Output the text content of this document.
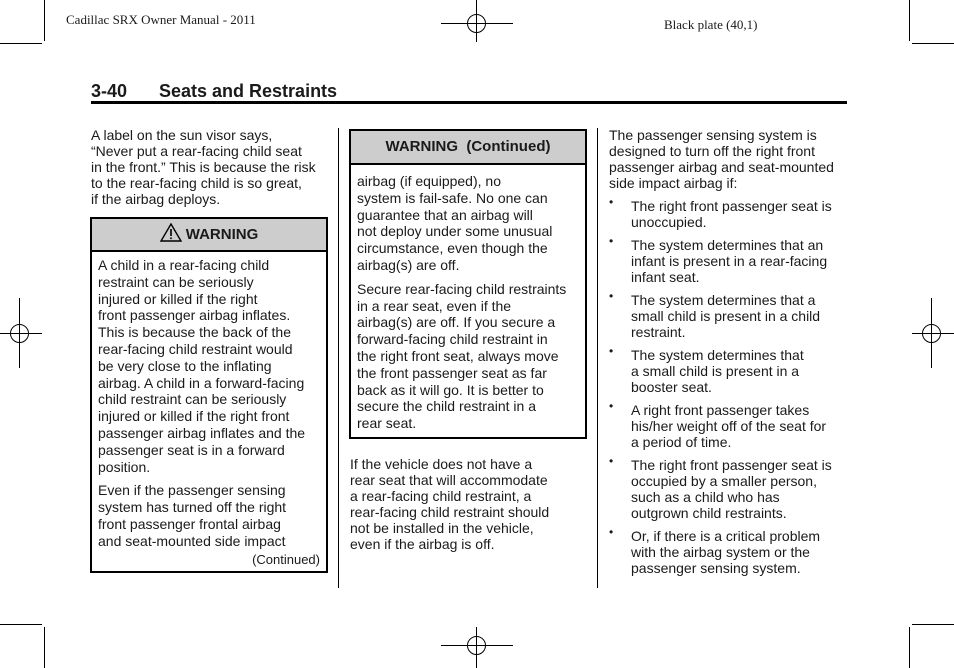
Cadillac SRX Owner Manual - 2011	Black plate (40,1)
3-40 Seats and Restraints
A label on the sun visor says,
“Never put a rear-facing child seat
in the front.” This is because the risk
to the rear-facing child is so great,
if the airbag deploys.
WARNING

A child in a rear-facing child
restraint can be seriously
injured or killed if the right
front passenger airbag inflates.
This is because the back of the
rear-facing child restraint would
be very close to the inflating
airbag. A child in a forward-facing
child restraint can be seriously
injured or killed if the right front
passenger airbag inflates and the
passenger seat is in a forward
position.

Even if the passenger sensing
system has turned off the right
front passenger frontal airbag
and seat-mounted side impact

(Continued)
WARNING  (Continued)

airbag (if equipped), no
system is fail-safe. No one can
guarantee that an airbag will
not deploy under some unusual
circumstance, even though the
airbag(s) are off.

Secure rear-facing child restraints
in a rear seat, even if the
airbag(s) are off. If you secure a
forward-facing child restraint in
the right front seat, always move
the front passenger seat as far
back as it will go. It is better to
secure the child restraint in a
rear seat.

If the vehicle does not have a
rear seat that will accommodate
a rear-facing child restraint, a
rear-facing child restraint should
not be installed in the vehicle,
even if the airbag is off.
The passenger sensing system is
designed to turn off the right front
passenger airbag and seat-mounted
side impact airbag if:
• The right front passenger seat is
unoccupied.
• The system determines that an
infant is present in a rear-facing
infant seat.
• The system determines that a
small child is present in a child
restraint.
• The system determines that
a small child is present in a
booster seat.
• A right front passenger takes
his/her weight off of the seat for
a period of time.
• The right front passenger seat is
occupied by a smaller person,
such as a child who has
outgrown child restraints.
• Or, if there is a critical problem
with the airbag system or the
passenger sensing system.
